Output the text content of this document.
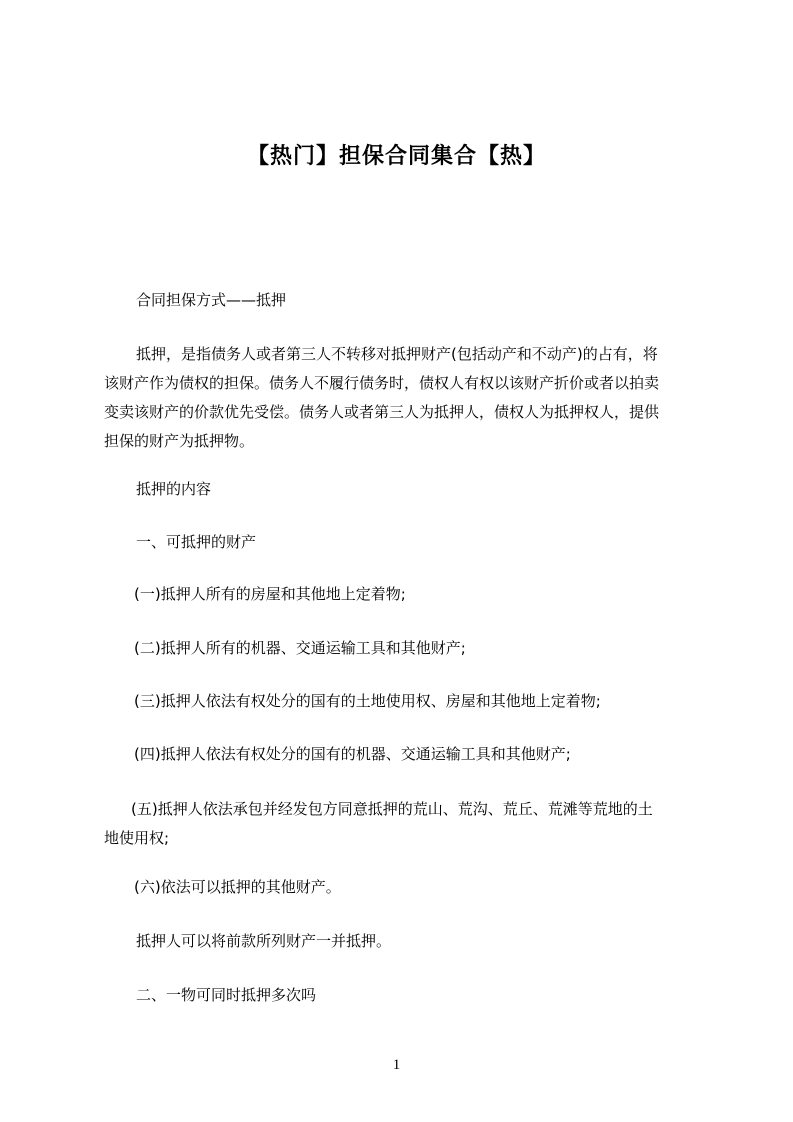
【热门】担保合同集合【热】
合同担保方式——抵押
抵押，是指债务人或者第三人不转移对抵押财产(包括动产和不动产)的占有，将
该财产作为债权的担保。债务人不履行债务时，债权人有权以该财产折价或者以拍卖
变卖该财产的价款优先受偿。债务人或者第三人为抵押人，债权人为抵押权人，提供
担保的财产为抵押物。
抵押的内容
一、可抵押的财产
(一)抵押人所有的房屋和其他地上定着物;
(二)抵押人所有的机器、交通运输工具和其他财产;
(三)抵押人依法有权处分的国有的土地使用权、房屋和其他地上定着物;
(四)抵押人依法有权处分的国有的机器、交通运输工具和其他财产;
(五)抵押人依法承包并经发包方同意抵押的荒山、荒沟、荒丘、荒滩等荒地的土
地使用权;
(六)依法可以抵押的其他财产。
抵押人可以将前款所列财产一并抵押。
二、一物可同时抵押多次吗
1
